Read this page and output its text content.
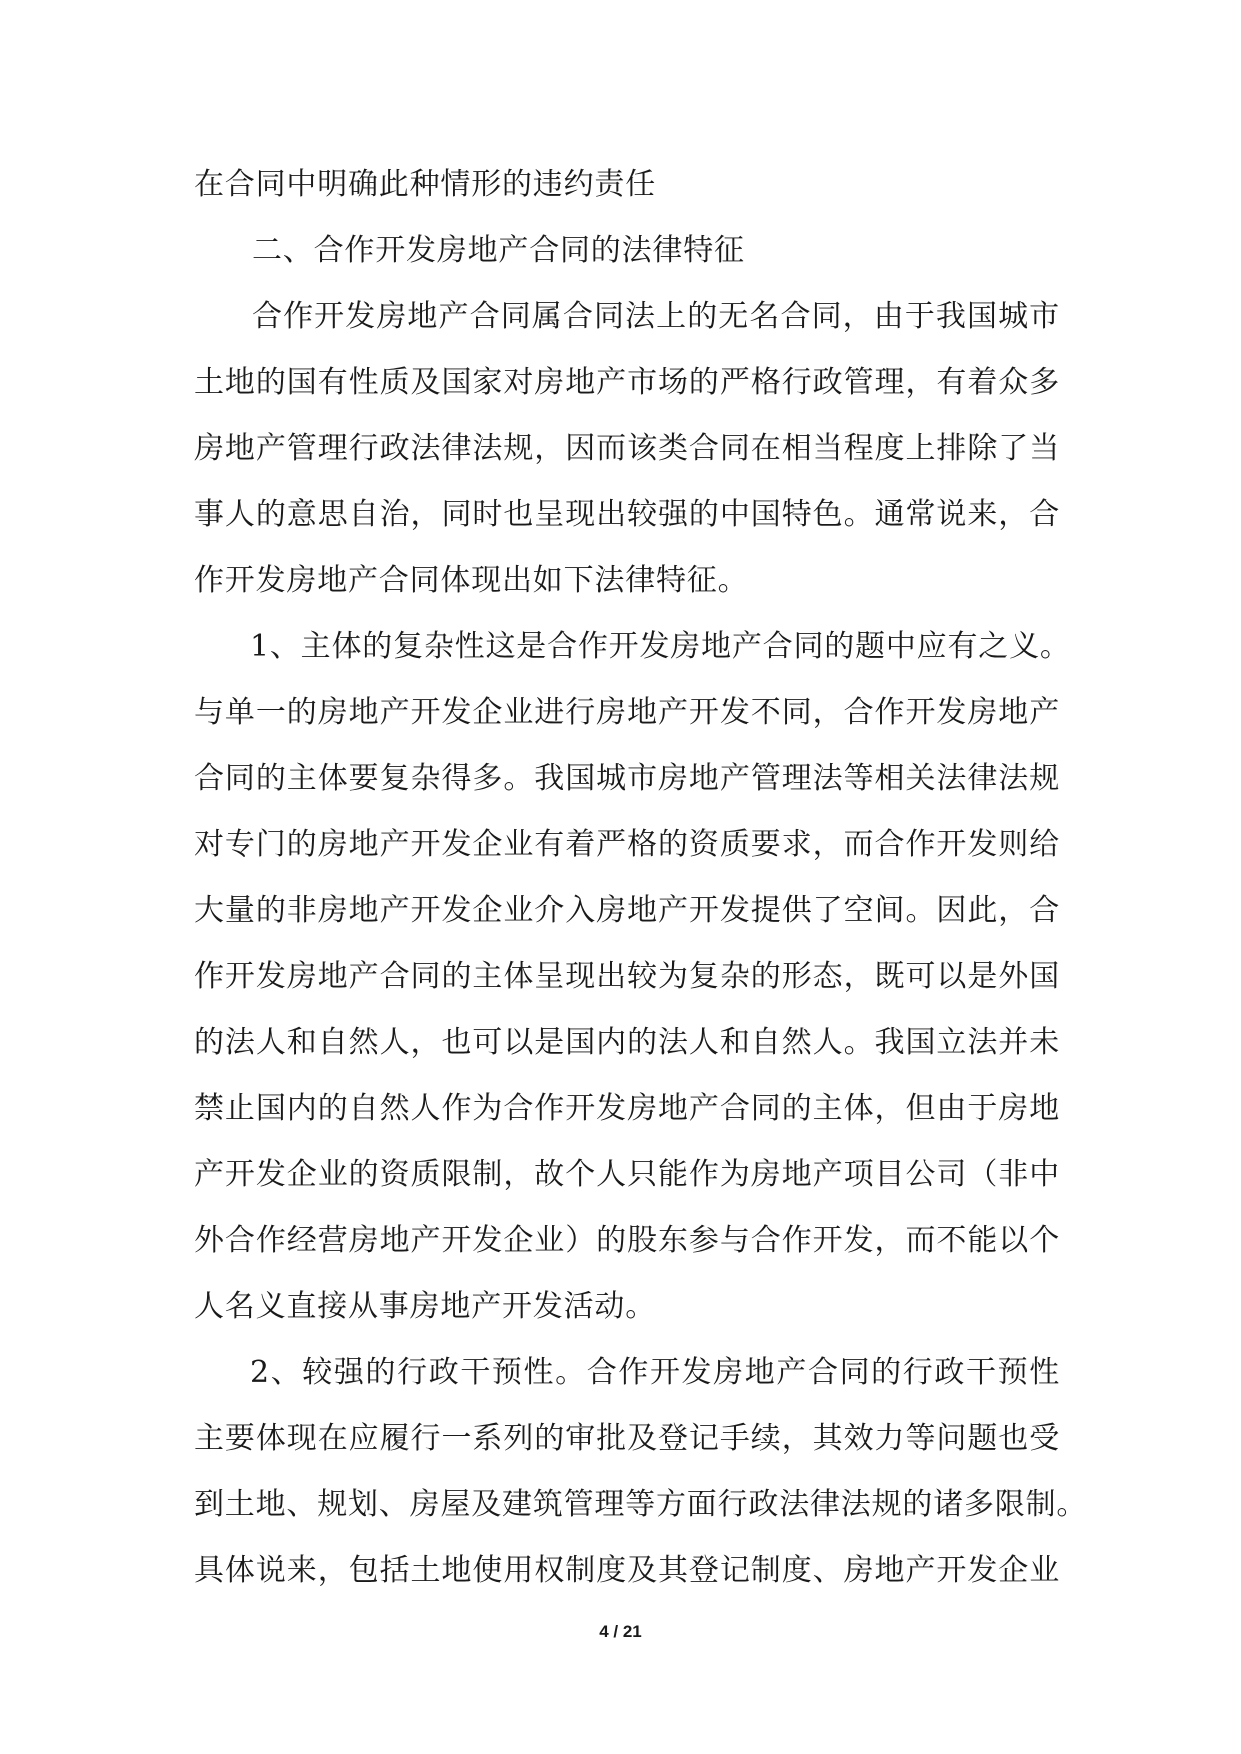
在合同中明确此种情形的违约责任
二、合作开发房地产合同的法律特征
合作开发房地产合同属合同法上的无名合同，由于我国城市
土地的国有性质及国家对房地产市场的严格行政管理，有着众多
房地产管理行政法律法规，因而该类合同在相当程度上排除了当
事人的意思自治，同时也呈现出较强的中国特色。通常说来，合
作开发房地产合同体现出如下法律特征。
1、主体的复杂性这是合作开发房地产合同的题中应有之义。
与单一的房地产开发企业进行房地产开发不同，合作开发房地产
合同的主体要复杂得多。我国城市房地产管理法等相关法律法规
对专门的房地产开发企业有着严格的资质要求，而合作开发则给
大量的非房地产开发企业介入房地产开发提供了空间。因此，合
作开发房地产合同的主体呈现出较为复杂的形态，既可以是外国
的法人和自然人，也可以是国内的法人和自然人。我国立法并未
禁止国内的自然人作为合作开发房地产合同的主体，但由于房地
产开发企业的资质限制，故个人只能作为房地产项目公司（非中
外合作经营房地产开发企业）的股东参与合作开发，而不能以个
人名义直接从事房地产开发活动。
2、较强的行政干预性。合作开发房地产合同的行政干预性
主要体现在应履行一系列的审批及登记手续，其效力等问题也受
到土地、规划、房屋及建筑管理等方面行政法律法规的诸多限制。
具体说来，包括土地使用权制度及其登记制度、房地产开发企业
4 / 21
